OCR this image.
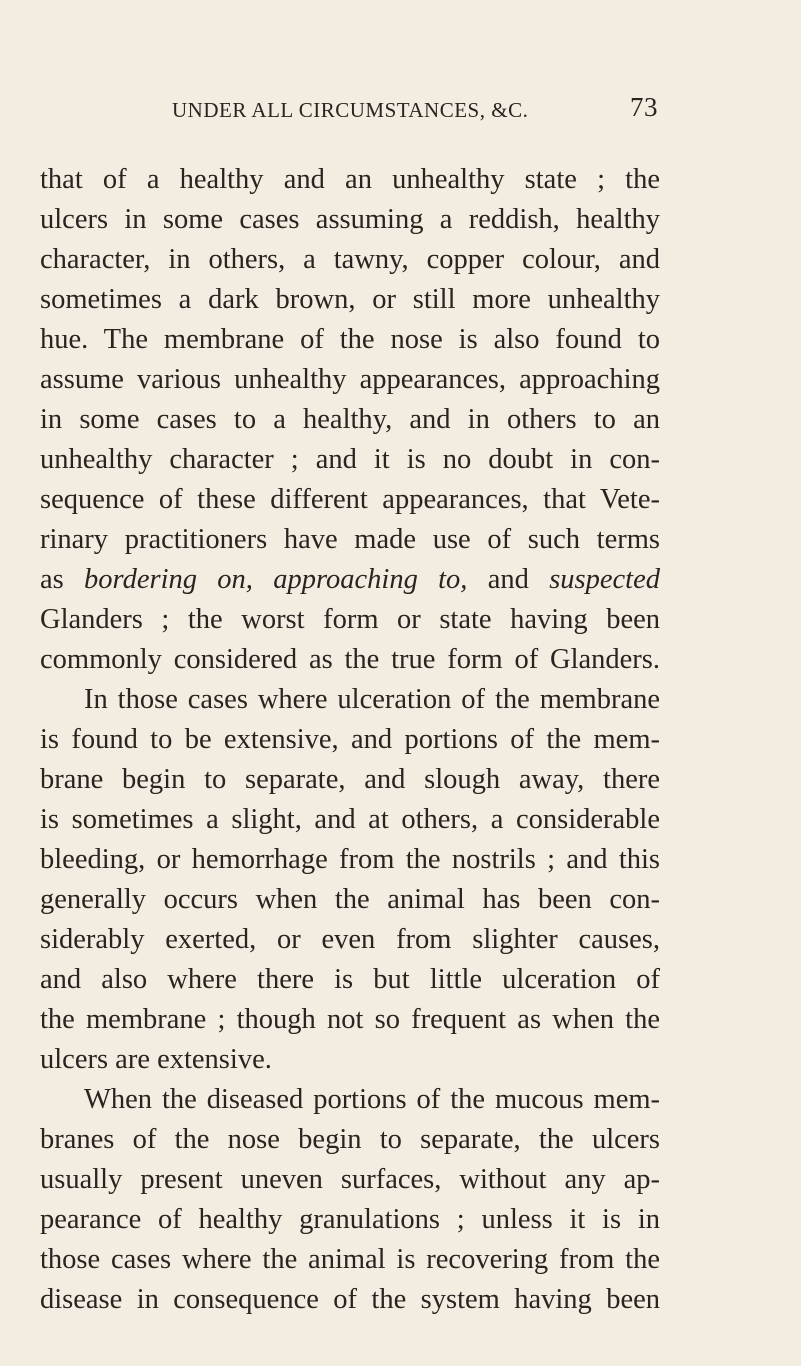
UNDER ALL CIRCUMSTANCES, &C.	73
that of a healthy and an unhealthy state ; the
ulcers in some cases assuming a reddish, healthy
character, in others, a tawny, copper colour, and
sometimes a dark brown, or still more unhealthy
hue. The membrane of the nose is also found to
assume various unhealthy appearances, approaching
in some cases to a healthy, and in others to an
unhealthy character ; and it is no doubt in con-
sequence of these different appearances, that Vete-
rinary practitioners have made use of such terms
as bordering on, approaching to, and suspected
Glanders ; the worst form or state having been
commonly considered as the true form of Glanders.
In those cases where ulceration of the membrane
is found to be extensive, and portions of the mem-
brane begin to separate, and slough away, there
is sometimes a slight, and at others, a considerable
bleeding, or hemorrhage from the nostrils ; and this
generally occurs when the animal has been con-
siderably exerted, or even from slighter causes,
and also where there is but little ulceration of
the membrane ; though not so frequent as when the
ulcers are extensive.
When the diseased portions of the mucous mem-
branes of the nose begin to separate, the ulcers
usually present uneven surfaces, without any ap-
pearance of healthy granulations ; unless it is in
those cases where the animal is recovering from the
disease in consequence of the system having been
